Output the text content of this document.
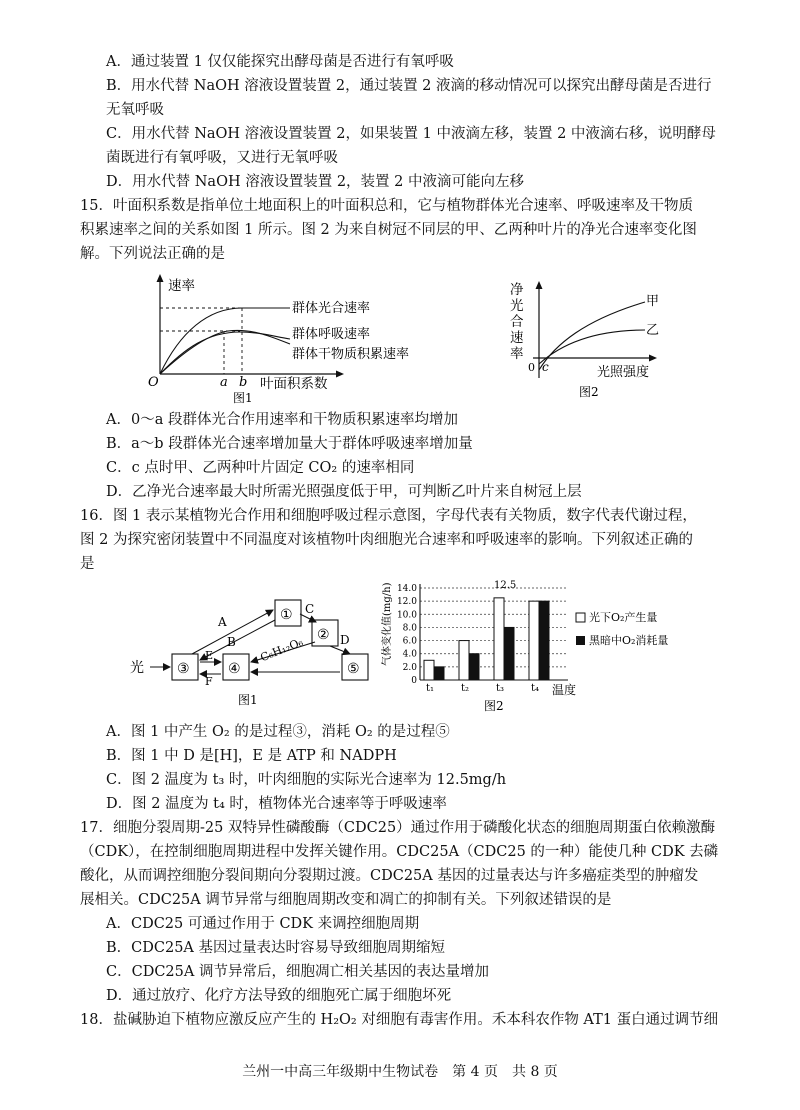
A．通过装置 1 仅仅能探究出酵母菌是否进行有氧呼吸
B．用水代替 NaOH 溶液设置装置 2，通过装置 2 液滴的移动情况可以探究出酵母菌是否进行
无氧呼吸
C．用水代替 NaOH 溶液设置装置 2，如果装置 1 中液滴左移，装置 2 中液滴右移，说明酵母
菌既进行有氧呼吸，又进行无氧呼吸
D．用水代替 NaOH 溶液设置装置 2，装置 2 中液滴可能向左移
15．叶面积系数是指单位土地面积上的叶面积总和，它与植物群体光合速率、呼吸速率及干物质
积累速率之间的关系如图 1 所示。图 2 为来自树冠不同层的甲、乙两种叶片的净光合速率变化图
解。下列说法正确的是
速率
群体光合速率
群体呼吸速率
群体干物质积累速率
O	a b 叶面积系数
图1
净
光
合
速
率
甲
乙
c
0	光照强度
图2
A．0～a 段群体光合作用速率和干物质积累速率均增加
B．a～b 段群体光合速率增加量大于群体呼吸速率增加量
C．c 点时甲、乙两种叶片固定 CO₂ 的速率相同
D．乙净光合速率最大时所需光照强度低于甲，可判断乙叶片来自树冠上层
16．图 1 表示某植物光合作用和细胞呼吸过程示意图，字母代表有关物质，数字代表代谢过程，
图 2 为探究密闭装置中不同温度对该植物叶肉细胞光合速率和呼吸速率的影响。下列叙述正确的
是
①
②
③	④	⑤
光
A
B
C
D
E
F
C₆H₁₂O₆
图1
t₁	t₂	t₃	t₄
0
2.0
4.0
6.0
8.0
10.0
12.0
14.0
气体变化值(mg/h)	12.5
温度
光下O₂产生量
黑暗中O₂消耗量
图2
A．图 1 中产生 O₂ 的是过程③，消耗 O₂ 的是过程⑤
B．图 1 中 D 是[H]，E 是 ATP 和 NADPH
C．图 2 温度为 t₃ 时，叶肉细胞的实际光合速率为 12.5mg/h
D．图 2 温度为 t₄ 时，植物体光合速率等于呼吸速率
17．细胞分裂周期-25 双特异性磷酸酶（CDC25）通过作用于磷酸化状态的细胞周期蛋白依赖激酶
（CDK），在控制细胞周期进程中发挥关键作用。CDC25A（CDC25 的一种）能使几种 CDK 去磷
酸化，从而调控细胞分裂间期向分裂期过渡。CDC25A 基因的过量表达与许多癌症类型的肿瘤发
展相关。CDC25A 调节异常与细胞周期改变和凋亡的抑制有关。下列叙述错误的是
A．CDC25 可通过作用于 CDK 来调控细胞周期
B．CDC25A 基因过量表达时容易导致细胞周期缩短
C．CDC25A 调节异常后，细胞凋亡相关基因的表达量增加
D．通过放疗、化疗方法导致的细胞死亡属于细胞坏死
18．盐碱胁迫下植物应激反应产生的 H₂O₂ 对细胞有毒害作用。禾本科农作物 AT1 蛋白通过调节细
兰州一中高三年级期中生物试卷　第 4 页　共 8 页
